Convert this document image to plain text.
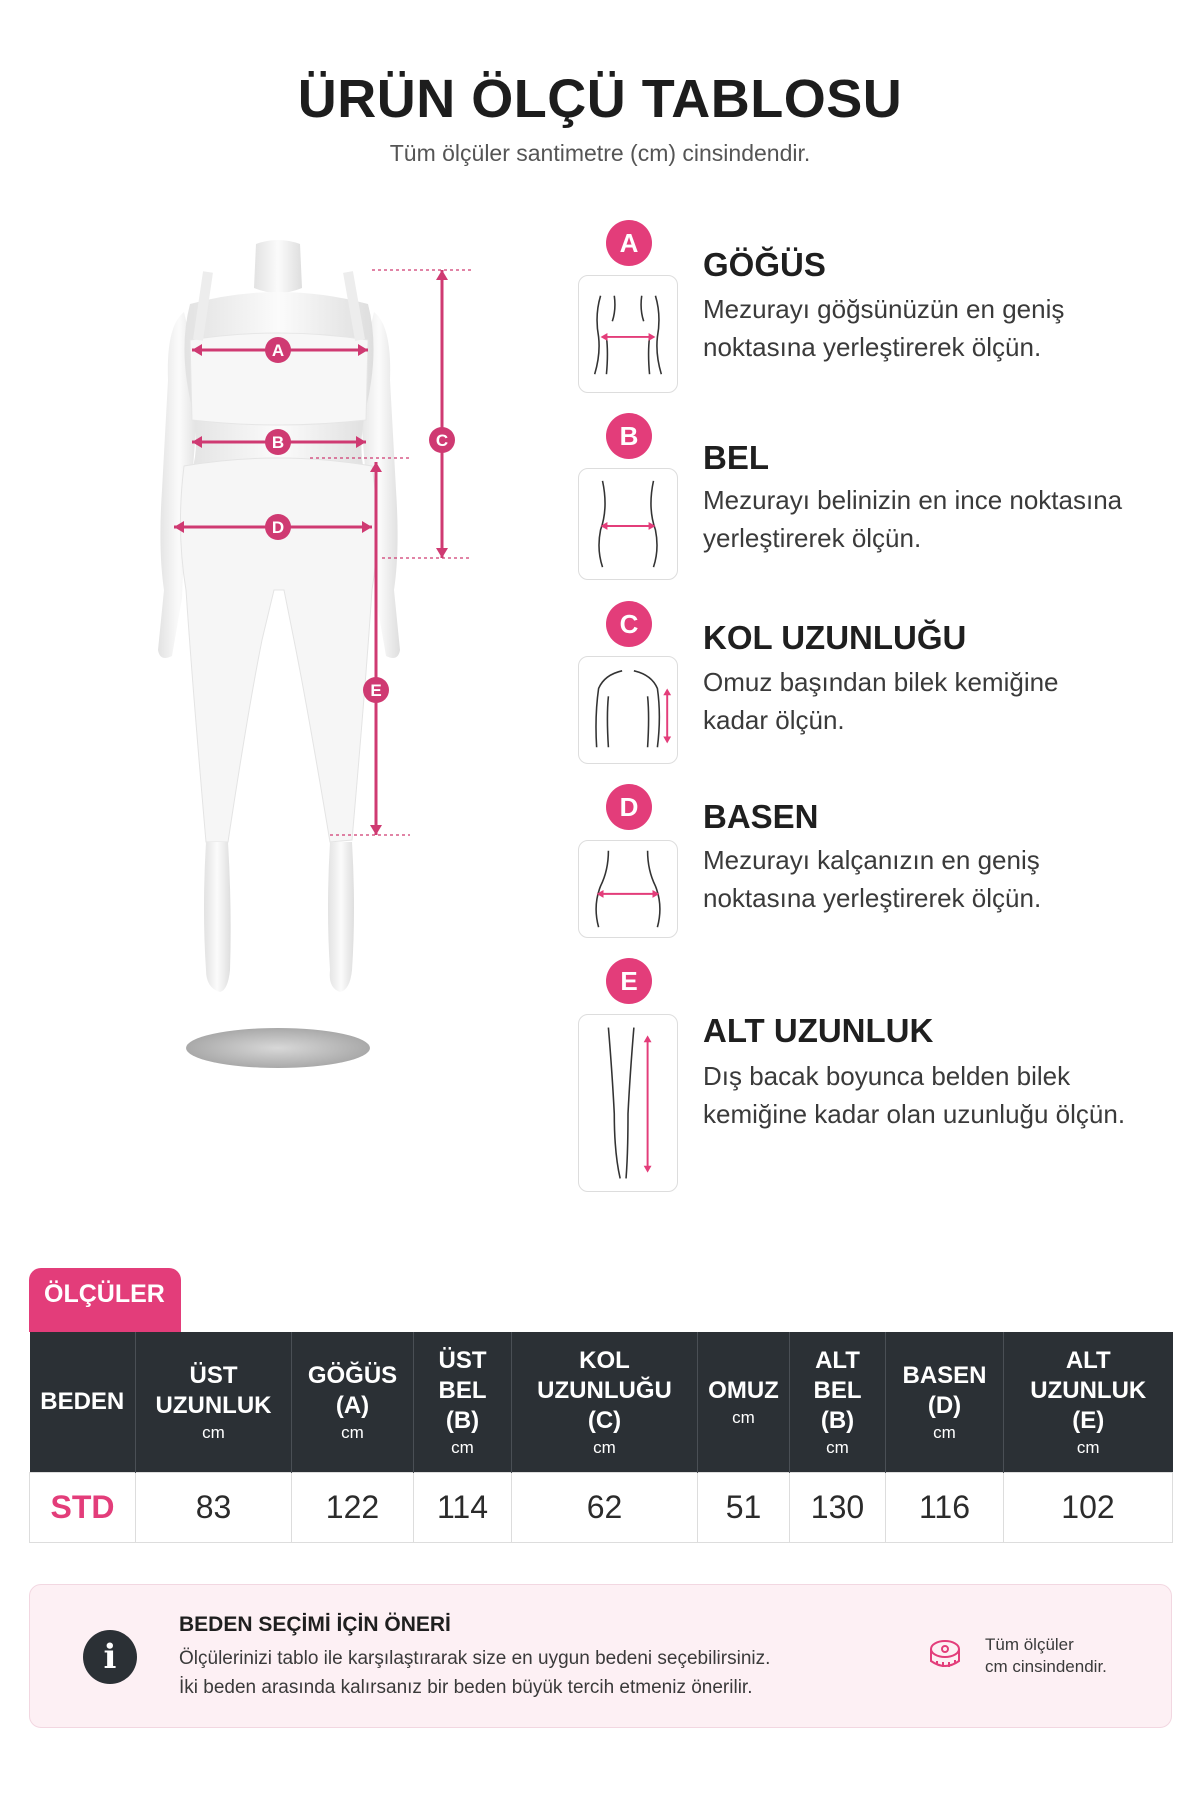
ÜRÜN ÖLÇÜ TABLOSU
Tüm ölçüler santimetre (cm) cinsindendir.
A
B
D
C
E
A
GÖĞÜS
Mezurayı göğsünüzün en geniş
noktasına yerleştirerek ölçün.
B
BEL
Mezurayı belinizin en ince noktasına
yerleştirerek ölçün.
C	KOL UZUNLUĞU
Omuz başından bilek kemiğine
kadar ölçün.
D	BASEN
Mezurayı kalçanızın en geniş
noktasına yerleştirerek ölçün.
E
ALT UZUNLUK
Dış bacak boyunca belden bilek
kemiğine kadar olan uzunluğu ölçün.
ÖLÇÜLER
BEDEN	ÜST
UZUNLUK
cm	GÖĞÜS
(A)
cm	ÜST
BEL
(B)
cm	KOL
UZUNLUĞU
(C)
cm	OMUZ
cm	ALT
BEL
(B)
cm	BASEN
(D)
cm	ALT
UZUNLUK
(E)
cm

STD	83	122	114	62	51	130	116	102
i
BEDEN SEÇİMİ İÇİN ÖNERİ
Ölçülerinizi tablo ile karşılaştırarak size en uygun bedeni seçebilirsiniz.
İki beden arasında kalırsanız bir beden büyük tercih etmeniz önerilir.
Tüm ölçüler
cm cinsindendir.
